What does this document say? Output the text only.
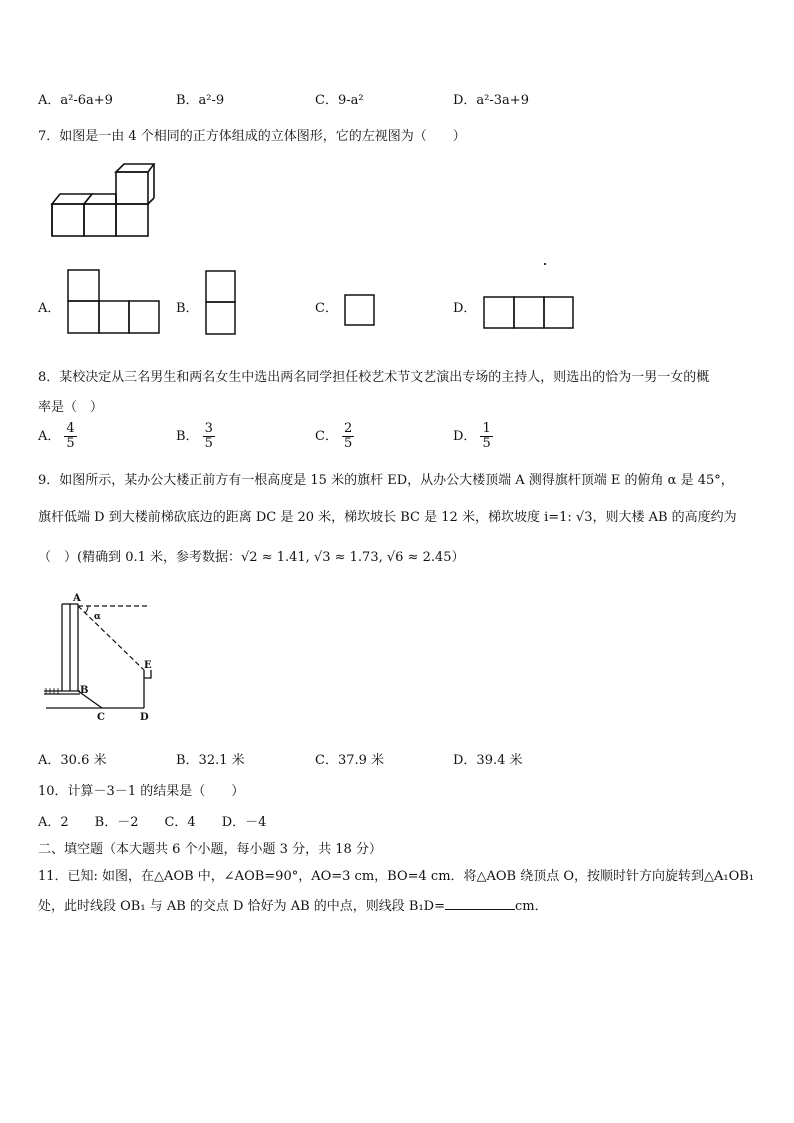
A．a²-6a+9	B．a²-9	C．9-a²	D．a²-3a+9
7．如图是一由 4 个相同的正方体组成的立体图形，它的左视图为（　　）
A．	B．	C．	D．
8．某校决定从三名男生和两名女生中选出两名同学担任校艺术节文艺演出专场的主持人，则选出的恰为一男一女的概
率是（　）
A． $\frac{4}{5}$	B． $\frac{3}{5}$	C． $\frac{2}{5}$	D． $\frac{1}{5}$
9．如图所示，某办公大楼正前方有一根高度是 15 米的旗杆 ED，从办公大楼顶端 A 测得旗杆顶端 E 的俯角 α 是 45°，
旗杆低端 D 到大楼前梯砍底边的距离 DC 是 20 米，梯坎坡长 BC 是 12 米，梯坎坡度 i=1: √3，则大楼 AB 的高度约为
（　）(精确到 0.1 米，参考数据：√2 ≈ 1.41, √3 ≈ 1.73, √6 ≈ 2.45）
A
α
E
B
C	D
A．30.6 米	B．32.1 米	C．37.9 米	D．39.4 米
10．计算－3－1 的结果是（　　）
A．2　　B．－2　　C．4　　D．－4
二、填空题（本大题共 6 个小题，每小题 3 分，共 18 分）
11．已知: 如图，在△AOB 中，∠AOB=90°，AO=3 cm，BO=4 cm．将△AOB 绕顶点 O，按顺时针方向旋转到△A₁OB₁
处，此时线段 OB₁ 与 AB 的交点 D 恰好为 AB 的中点，则线段 B₁D=	cm．
